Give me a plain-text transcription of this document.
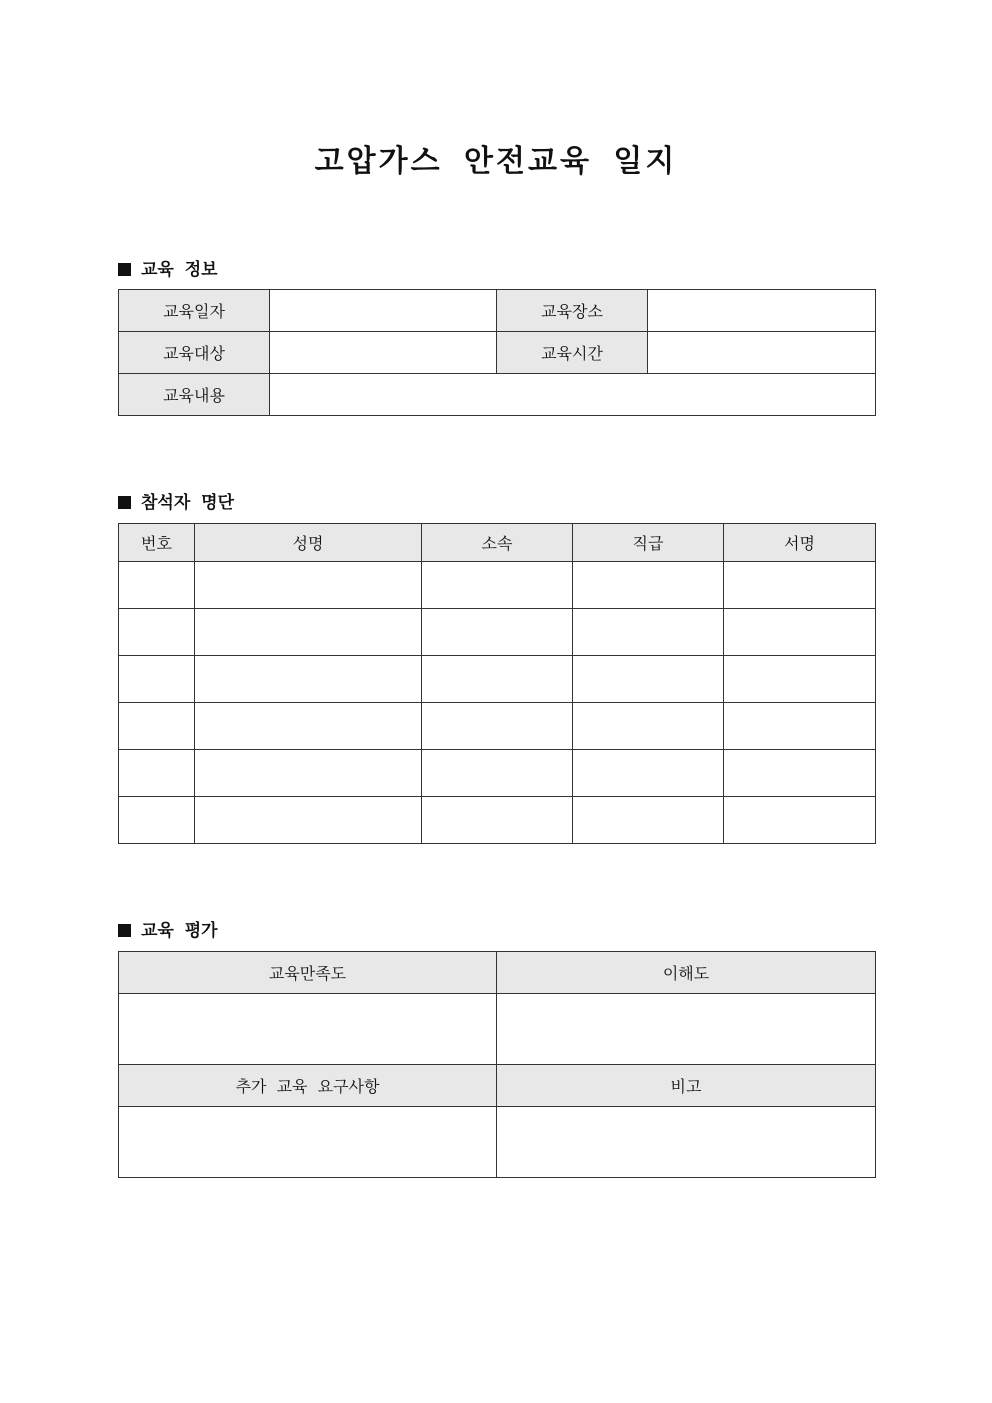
고압가스 안전교육 일지
교육 정보
교육일자		교육장소	
교육대상		교육시간	
교육내용			
참석자 명단
번호	성명	소속	직급	서명

교육 평가
교육만족도	이해도

추가 교육 요구사항	비고
